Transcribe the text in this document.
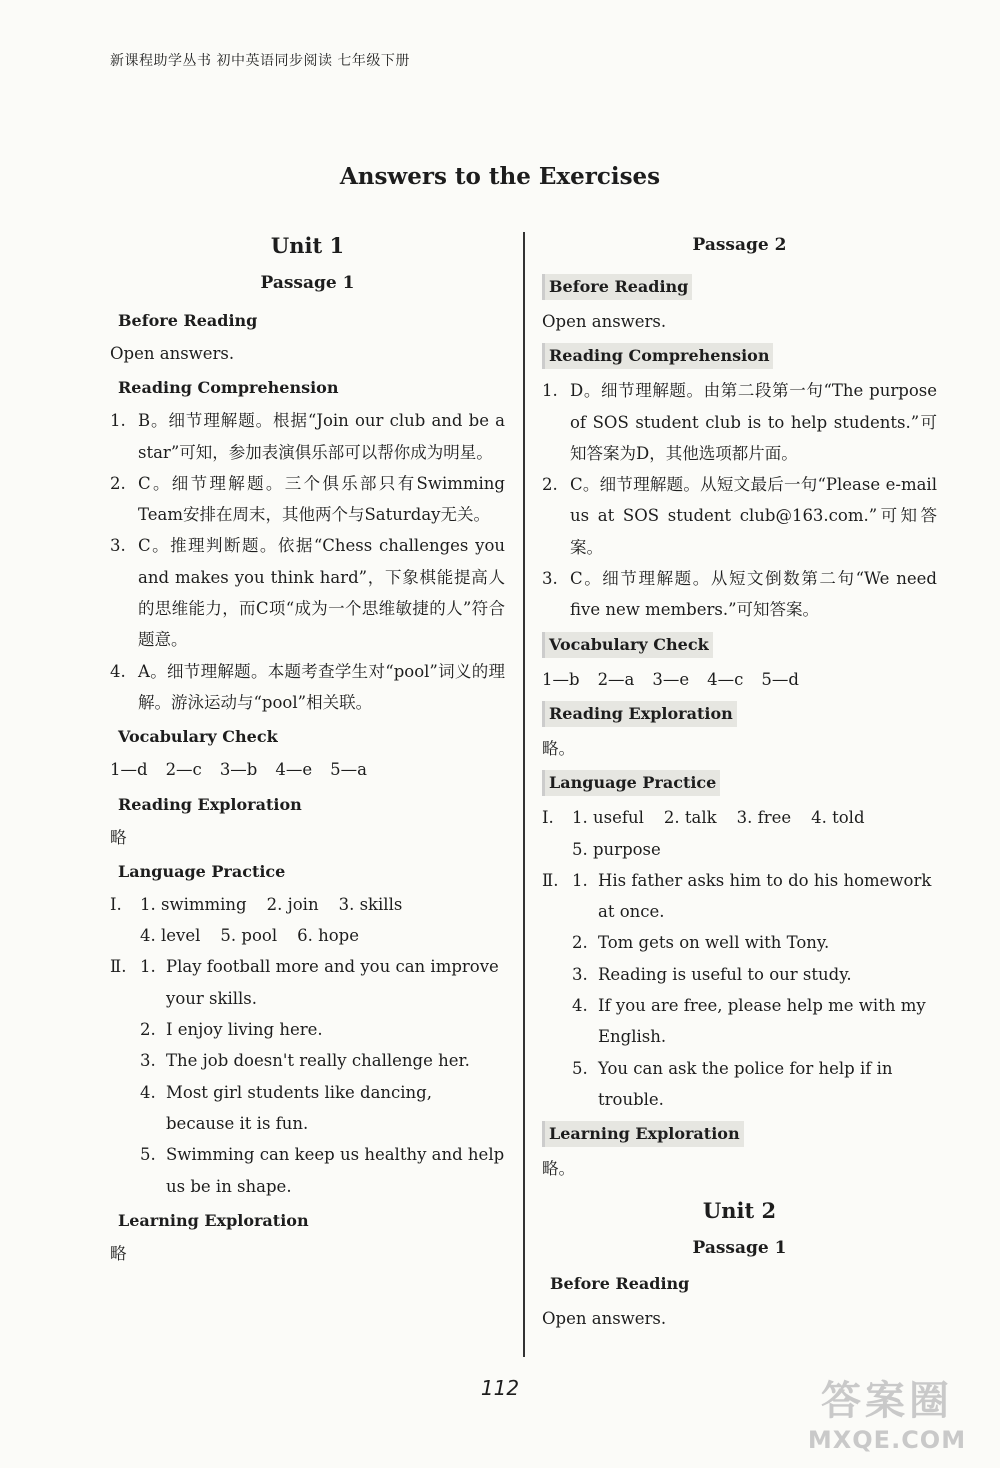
新课程助学丛书 初中英语同步阅读 七年级下册
Answers to the Exercises
Unit 1
Passage 1
Before Reading

Open answers.

Reading Comprehension
1. B。细节理解题。根据“Join our club and be a star”可知，参加表演俱乐部可以帮你成为明星。
2. C。细节理解题。三个俱乐部只有Swimming Team安排在周末，其他两个与Saturday无关。
3. C。推理判断题。依据“Chess challenges you and makes you think hard”，下象棋能提高人的思维能力，而C项“成为一个思维敏捷的人”符合题意。
4. A。细节理解题。本题考查学生对“pool”词义的理解。游泳运动与“pool”相关联。
Vocabulary Check

1—d 2—c 3—b 4—e 5—a

Reading Exploration

略

Language Practice
Ⅰ. 1. swimming 2. join 3. skills
4. level 5. pool 6. hope
Ⅱ. 1. Play football more and you can improve your skills.
2. I enjoy living here.
3. The job doesn't really challenge her.
4. Most girl students like dancing, because it is fun.
5. Swimming can keep us healthy and help us be in shape.
Learning Exploration

略

Passage 2
Before Reading

Open answers.

Reading Comprehension
1. D。细节理解题。由第二段第一句“The purpose of SOS student club is to help students.”可知答案为D，其他选项都片面。
2. C。细节理解题。从短文最后一句“Please e-mail us at SOS student club@163.com.”可知答案。
3. C。细节理解题。从短文倒数第二句“We need five new members.”可知答案。
Vocabulary Check

1—b 2—a 3—e 4—c 5—d

Reading Exploration

略。

Language Practice
Ⅰ. 1. useful 2. talk 3. free 4. told
5. purpose
Ⅱ. 1. His father asks him to do his homework at once.
2. Tom gets on well with Tony.
3. Reading is useful to our study.
4. If you are free, please help me with my English.
5. You can ask the police for help if in trouble.
Learning Exploration

略。

Unit 2
Passage 1
Before Reading

Open answers.

112	答案圈
MXQE.COM
